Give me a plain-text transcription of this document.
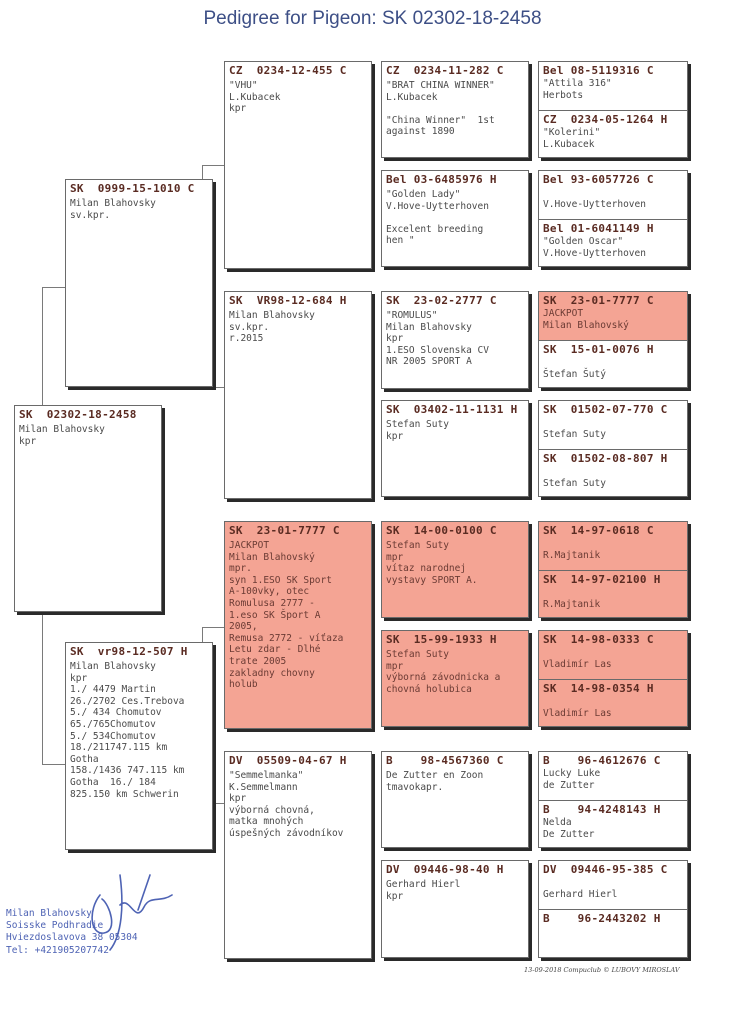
Pedigree for Pigeon: SK 02302-18-2458
SK  02302-18-2458
Milan Blahovsky
kpr
SK  0999-15-1010 C
Milan Blahovsky
sv.kpr.
SK  vr98-12-507 H
Milan Blahovsky
kpr
1./ 4479 Martin
26./2702 Ces.Trebova
5./ 434 Chomutov
65./765Chomutov
5./ 534Chomutov
18./211747.115 km
Gotha
158./1436 747.115 km
Gotha  16./ 184
825.150 km Schwerin
CZ  0234-12-455 C
"VHU"
L.Kubacek
kpr
SK  VR98-12-684 H
Milan Blahovsky
sv.kpr.
r.2015
SK  23-01-7777 C
JACKPOT
Milan Blahovský
mpr.
syn 1.ESO SK Sport
A-100vky, otec
Romulusa 2777 -
1.eso SK Šport A
2005,
Remusa 2772 - víťaza
Letu zdar - Dlhé
trate 2005
zakladny chovny
holub
DV  05509-04-67 H
"Semmelmanka"
K.Semmelmann
kpr
výborná chovná,
matka mnohých
úspešných závodníkov
CZ  0234-11-282 C
"BRAT CHINA WINNER"
L.Kubacek

"China Winner"  1st
against 1890
Bel 03-6485976 H
"Golden Lady"
V.Hove-Uytterhoven

Excelent breeding
hen "
SK  23-02-2777 C
"ROMULUS"
Milan Blahovsky
kpr
1.ESO Slovenska CV
NR 2005 SPORT A
SK  03402-11-1131 H
Stefan Suty
kpr
SK  14-00-0100 C
Stefan Suty
mpr
vítaz narodnej
vystavy SPORT A.
SK  15-99-1933 H
Stefan Suty
mpr
výborná závodnicka a
chovná holubica
B    98-4567360 C
De Zutter en Zoon
tmavokapr.
DV  09446-98-40 H
Gerhard Hierl
kpr
Bel 08-5119316 C
"Attila 316"
Herbots
CZ  0234-05-1264 H
"Kolerini"
L.Kubacek
Bel 93-6057726 C

V.Hove-Uytterhoven
Bel 01-6041149 H
"Golden Oscar"
V.Hove-Uytterhoven
SK  23-01-7777 C
JACKPOT
Milan Blahovský
SK  15-01-0076 H

Štefan Šutý
SK  01502-07-770 C

Stefan Suty
SK  01502-08-807 H

Stefan Suty
SK  14-97-0618 C

R.Majtanik
SK  14-97-02100 H

R.Majtanik
SK  14-98-0333 C

Vladimír Las
SK  14-98-0354 H

Vladimír Las
B    96-4612676 C
Lucky Luke
de Zutter
B    94-4248143 H
Nelda
De Zutter
DV  09446-95-385 C

Gerhard Hierl
B    96-2443202 H
Milan Blahovsky
Soisske Podhradie
Hviezdoslavova 38 05304
Tel: +421905207742
13-09-2018 Compuclub © LUBOVY MIROSLAV
